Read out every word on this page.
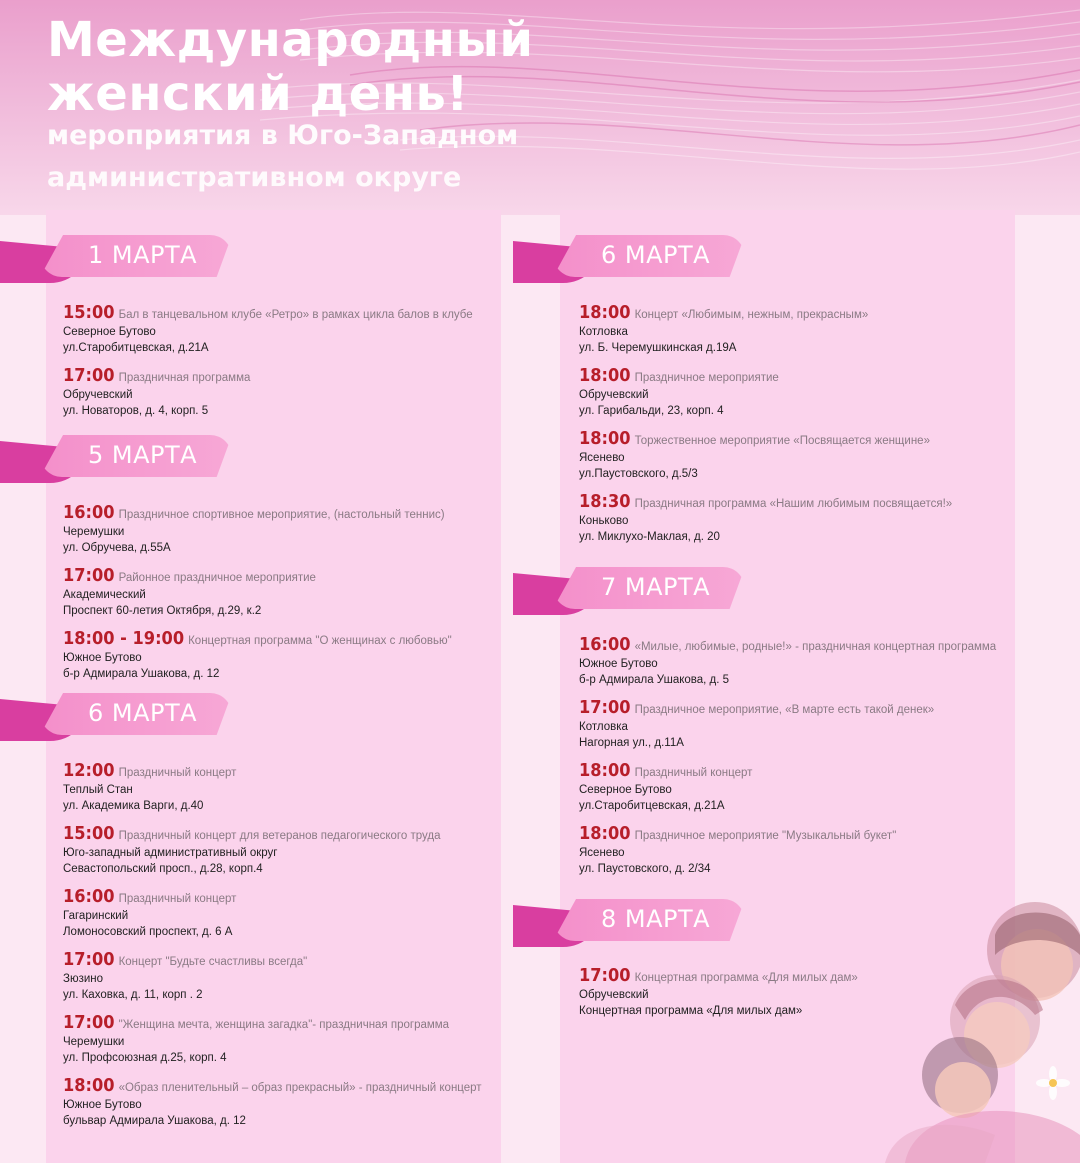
Международный
женский день!
мероприятия в Юго-Западном
административном округе
1 МАРТА
15:00 Бал в танцевальном клубе «Ретро» в рамках цикла балов в клубе
Северное Бутово
ул.Старобитцевская, д.21А
17:00 Праздничная программа
Обручевский
ул. Новаторов, д. 4, корп. 5
5 МАРТА
16:00 Праздничное спортивное мероприятие, (настольный теннис)
Черемушки
ул. Обручева, д.55А
17:00 Районное праздничное мероприятие
Академический
Проспект 60-летия Октября, д.29, к.2
18:00 - 19:00 Концертная программа "О женщинах с любовью"
Южное Бутово
б-р Адмирала Ушакова, д. 12
6 МАРТА
12:00 Праздничный концерт
Теплый Стан
ул. Академика Варги, д.40
15:00 Праздничный концерт для ветеранов педагогического труда
Юго-западный административный округ
Севастопольский просп., д.28, корп.4
16:00 Праздничный концерт
Гагаринский
Ломоносовский проспект, д. 6 А
17:00 Концерт "Будьте счастливы всегда"
Зюзино
ул. Каховка, д. 11, корп . 2
17:00 "Женщина мечта, женщина загадка"- праздничная программа
Черемушки
ул. Профсоюзная д.25, корп. 4
18:00 «Образ пленительный – образ прекрасный» - праздничный концерт
Южное Бутово
бульвар Адмирала Ушакова, д. 12
6 МАРТА
18:00 Концерт «Любимым, нежным, прекрасным»
Котловка
ул. Б. Черемушкинская д.19А
18:00 Праздничное мероприятие
Обручевский
ул. Гарибальди, 23, корп. 4
18:00 Торжественное мероприятие «Посвящается женщине»
Ясенево
ул.Паустовского, д.5/3
18:30 Праздничная программа «Нашим любимым посвящается!»
Коньково
ул. Миклухо-Маклая, д. 20
7 МАРТА
16:00 «Милые, любимые, родные!» - праздничная концертная программа
Южное Бутово
б-р Адмирала Ушакова, д. 5
17:00 Праздничное мероприятие, «В марте есть такой денек»
Котловка
Нагорная ул., д.11А
18:00 Праздничный концерт
Северное Бутово
ул.Старобитцевская, д.21А
18:00 Праздничное мероприятие "Музыкальный букет"
Ясенево
ул. Паустовского, д. 2/34
8 МАРТА
17:00 Концертная программа «Для милых дам»
Обручевский
Концертная программа «Для милых дам»
